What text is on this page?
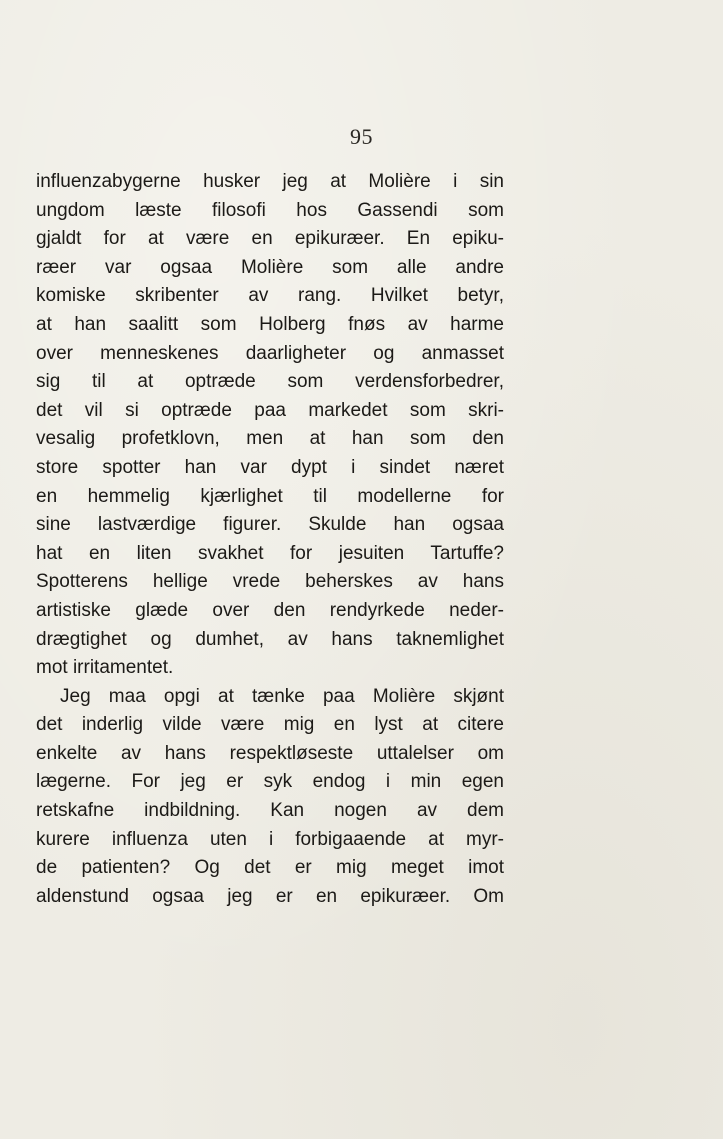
95
influenzabygerne husker jeg at Molière i sin
ungdom læste filosofi hos Gassendi som
gjaldt for at være en epikuræer. En epiku-
ræer var ogsaa Molière som alle andre
komiske skribenter av rang. Hvilket betyr,
at han saalitt som Holberg fnøs av harme
over menneskenes daarligheter og anmasset
sig til at optræde som verdensforbedrer,
det vil si optræde paa markedet som skri-
vesalig profetklovn, men at han som den
store spotter han var dypt i sindet næret
en hemmelig kjærlighet til modellerne for
sine lastværdige figurer. Skulde han ogsaa
hat en liten svakhet for jesuiten Tartuffe?
Spotterens hellige vrede beherskes av hans
artistiske glæde over den rendyrkede neder-
drægtighet og dumhet, av hans taknemlighet
mot irritamentet.
Jeg maa opgi at tænke paa Molière skjønt
det inderlig vilde være mig en lyst at citere
enkelte av hans respektløseste uttalelser om
lægerne. For jeg er syk endog i min egen
retskafne indbildning. Kan nogen av dem
kurere influenza uten i forbigaaende at myr-
de patienten? Og det er mig meget imot
aldenstund ogsaa jeg er en epikuræer. Om
